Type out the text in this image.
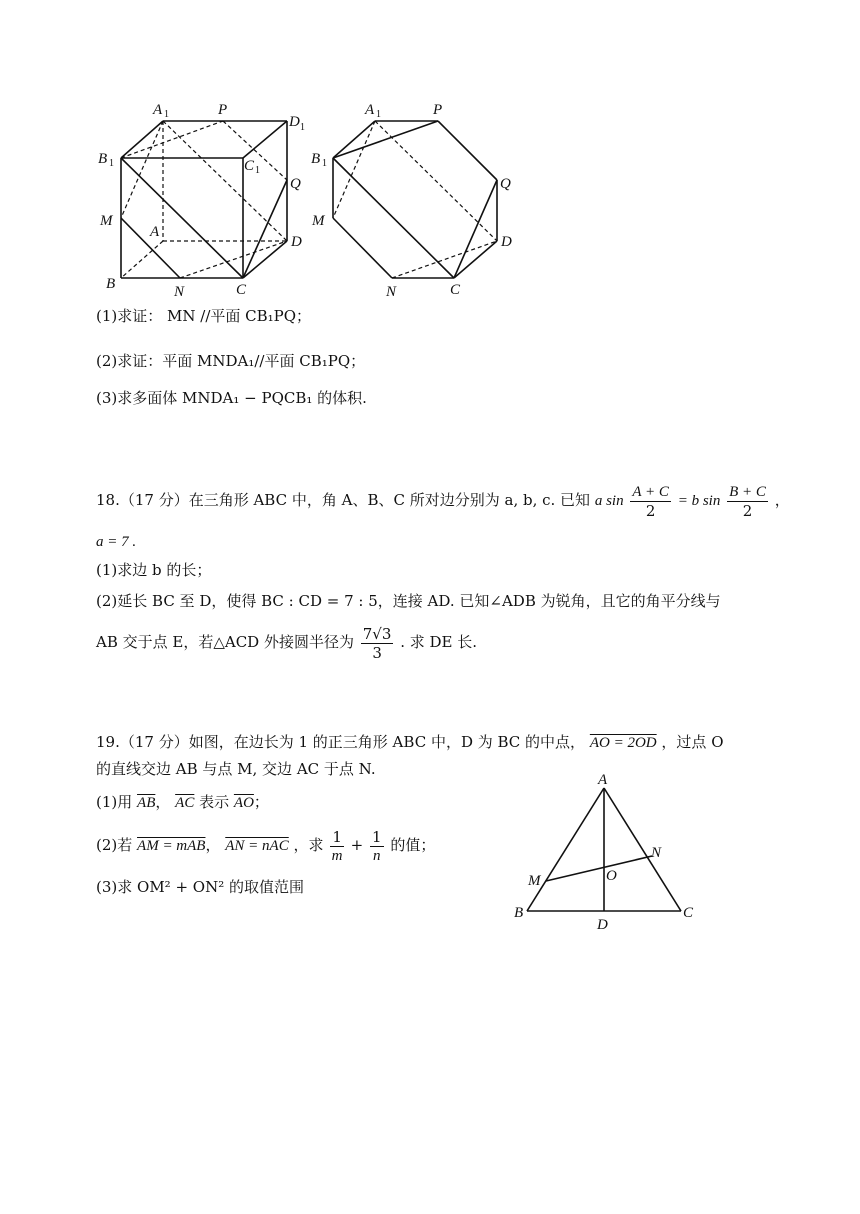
A 1	P
D 1
B 1	C 1
Q
M
A
D
B	N	C
A 1	P
B 1
Q
M
D
N	C
(1)求证： MN //平面 CB₁PQ；
(2)求证：平面 MNDA₁//平面 CB₁PQ；
(3)求多面体 MNDA₁ − PQCB₁ 的体积.
18.（17 分）在三角形 ABC 中，角 A、B、C 所对边分别为 a, b, c. 已知 a $\sin \frac{A + C}{2} = b$ $\sin \frac{B + C}{2}$ ，
a = 7 .
(1)求边 b 的长；
(2)延长 BC 至 D，使得 BC : CD = 7 : 5，连接 AD. 已知∠ADB 为锐角，且它的角平分线与
AB 交于点 E，若△ACD 外接圆半径为 $\frac{7√3}{3}$ . 求 DE 长.
19.（17 分）如图，在边长为 1 的正三角形 ABC 中，D 为 BC 的中点， AO = 2OD ，过点 O
的直线交边 AB 与点 M, 交边 AC 于点 N.
(1)用 $\overline{AB}$， $\overline{AC}$ 表示 $\overline{AO}$；
(2)若 AM = mAB， AN = nAC ，求 $\frac{1}{m} + \frac{1}{n}$ 的值；
(3)求 OM² + ON² 的取值范围
A
N
M	O
B
D
C
